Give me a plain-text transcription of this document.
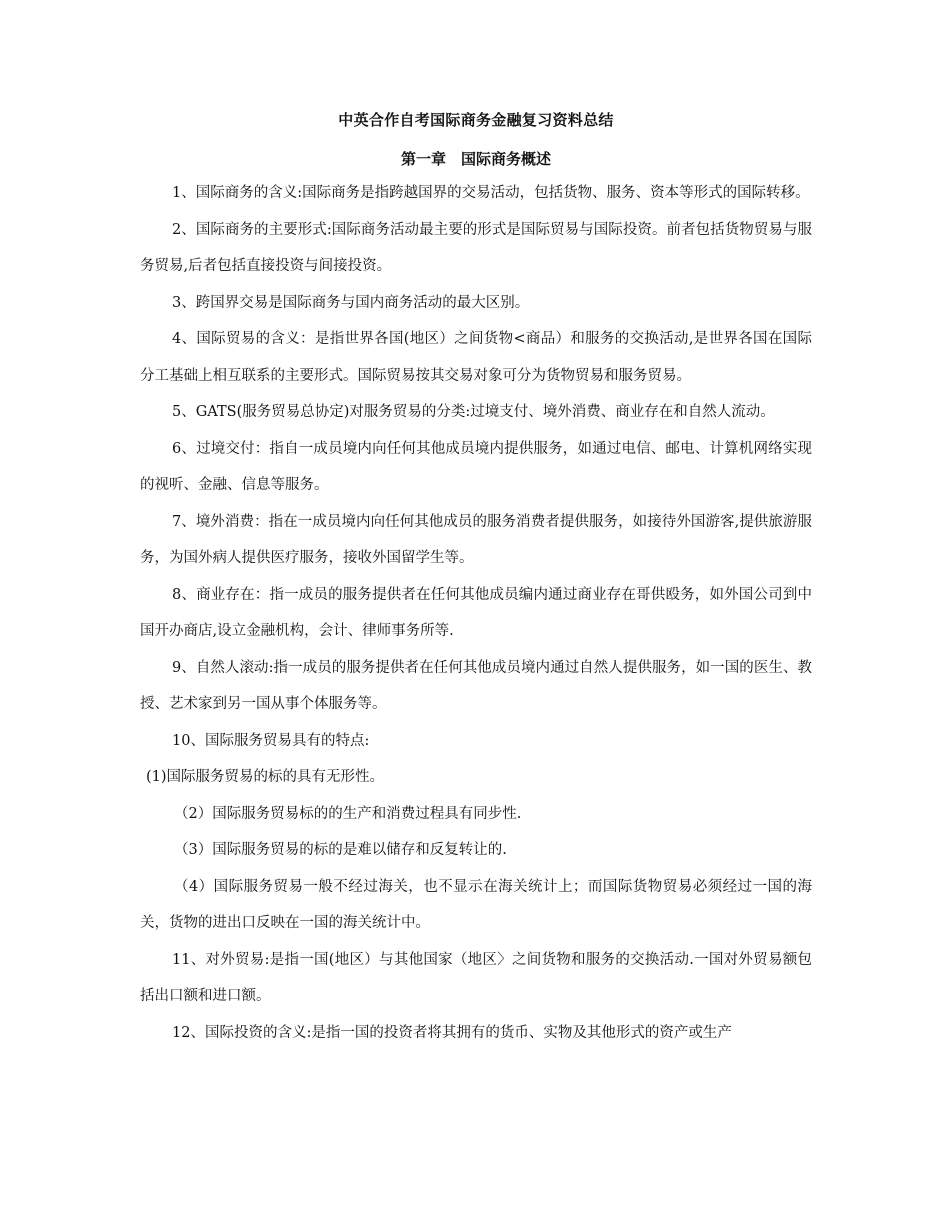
中英合作自考国际商务金融复习资料总结
第一章　国际商务概述

1、国际商务的含义:国际商务是指跨越国界的交易活动，包括货物、服务、资本等形式的国际转移。

2、国际商务的主要形式:国际商务活动最主要的形式是国际贸易与国际投资。前者包括货物贸易与服务贸易,后者包括直接投资与间接投资。

3、跨国界交易是国际商务与国内商务活动的最大区别。

4、国际贸易的含义：是指世界各国(地区）之间货物<商品）和服务的交换活动,是世界各国在国际分工基础上相互联系的主要形式。国际贸易按其交易对象可分为货物贸易和服务贸易。

5、GATS(服务贸易总协定)对服务贸易的分类:过境支付、境外消费、商业存在和自然人流动。

6、过境交付：指自一成员境内向任何其他成员境内提供服务，如通过电信、邮电、计算机网络实现的视听、金融、信息等服务。

7、境外消费：指在一成员境内向任何其他成员的服务消费者提供服务，如接待外国游客,提供旅游服务，为国外病人提供医疗服务，接收外国留学生等。

8、商业存在：指一成员的服务提供者在任何其他成员编内通过商业存在哥供殴务，如外国公司到中国开办商店,设立金融机构，会计、律师事务所等.

9、自然人滚动:指一成员的服务提供者在任何其他成员境内通过自然人提供服务，如一国的医生、教授、艺术家到另一国从事个体服务等。

10、国际服务贸易具有的特点:

(1)国际服务贸易的标的具有无形性。

（2）国际服务贸易标的的生产和消费过程具有同步性.

（3）国际服务贸易的标的是难以储存和反复转让的.

（4）国际服务贸易一般不经过海关，也不显示在海关统计上；而国际货物贸易必须经过一国的海关，货物的进出口反映在一国的海关统计中。

11、对外贸易:是指一国(地区）与其他国家（地区〉之间货物和服务的交换活动.一国对外贸易额包括出口额和进口额。

12、国际投资的含义:是指一国的投资者将其拥有的货币、实物及其他形式的资产或生产
